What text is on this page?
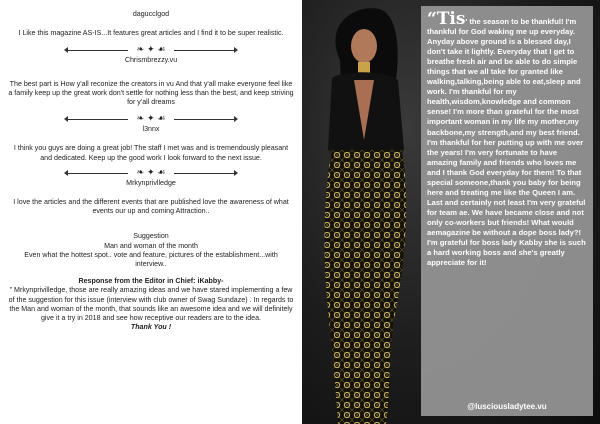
dagucclgod

I Like this magazine AS-IS...It features great articles and I find it to be super realistic.

❧ ✦ ☙

Chrismbrezzy.vu

The best part is How y'all reconize the creators in vu And that y'all make everyone feel like a family keep up the great work don't settle for nothing less than the best, and keep striving for y'all dreams

❧ ✦ ☙

l3nnx

I think you guys are doing a great job! The staff I met was and is tremendously pleasant and dedicated. Keep up the good work I look forward to the next issue.

❧ ✦ ☙

Mrkynprivlledge

I love the articles and the different events that are published love the awareness of what events our up and coming Attraction..

Suggestion

Man and woman of the month

Even what the hottest spot.. vote and feature, pictures of the establishment...with interview..

Response from the Editor in Chief: iKabby-

" Mrkynprivilledge, those are really amazing ideas and we have stared implementing a few of the suggestion for this issue (interview with club owner of Swag Sundaze) . In regards to the Man and woman of the month, that sounds like an awesome idea and we will definitely give it a try in 2018 and see how receptive our readers are to the idea.

Thank You !

“Tis' the season to be thankful! I'm thankful for God waking me up everyday. Anyday above ground is a blessed day,I don't take it lightly. Everyday that I get to breathe fresh air and be able to do simple things that we all take for granted like walking,talking,being able to eat,sleep and work. I'm thankful for my health,wisdom,knowledge and common sense! I'm more than grateful for the most important woman in my life my mother,my backbone,my strength,and my best friend. I'm thankful for her putting up with me over the years! I'm very fortunate to have amazing family and friends who loves me and I thank God everyday for them! To that special someone,thank you baby for being here and treating me like the Queen I am. Last and certainly not least I'm very grateful for team ae. We have became close and not only co-workers but friends! What would aemagazine be without a dope boss lady?! I'm grateful for boss lady Kabby she is such a hard working boss and she's greatly appreciate for it!
@lusciousladytee.vu
